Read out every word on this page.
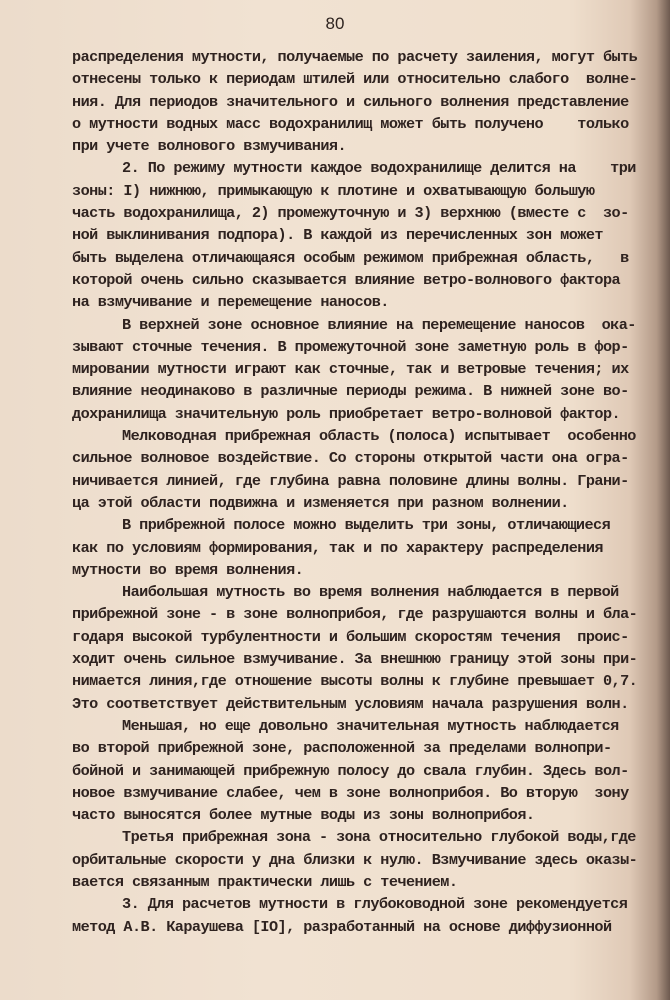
80
распределения мутности, получаемые по расчету заиления, могут быть
отнесены только к периодам штилей или относительно слабого  волне-
ния. Для периодов значительного и сильного волнения представление
о мутности водных масс водохранилищ может быть получено    только
при учете волнового взмучивания.
2. По режиму мутности каждое водохранилище делится на    три
зоны: I) нижнюю, примыкающую к плотине и охватывающую большую
часть водохранилища, 2) промежуточную и 3) верхнюю (вместе с  зо-
ной выклинивания подпора). В каждой из перечисленных зон может
быть выделена отличающаяся особым режимом прибрежная область,   в
которой очень сильно сказывается влияние ветро-волнового фактора
на взмучивание и перемещение наносов.
В верхней зоне основное влияние на перемещение наносов  ока-
зывают сточные течения. В промежуточной зоне заметную роль в фор-
мировании мутности играют как сточные, так и ветровые течения; их
влияние неодинаково в различные периоды режима. В нижней зоне во-
дохранилища значительную роль приобретает ветро-волновой фактор.
Мелководная прибрежная область (полоса) испытывает  особенно
сильное волновое воздействие. Со стороны открытой части она огра-
ничивается линией, где глубина равна половине длины волны. Грани-
ца этой области подвижна и изменяется при разном волнении.
В прибрежной полосе можно выделить три зоны, отличающиеся
как по условиям формирования, так и по характеру распределения
мутности во время волнения.
Наибольшая мутность во время волнения наблюдается в первой
прибрежной зоне - в зоне волноприбоя, где разрушаются волны и бла-
годаря высокой турбулентности и большим скоростям течения  проис-
ходит очень сильное взмучивание. За внешнюю границу этой зоны при-
нимается линия,где отношение высоты волны к глубине превышает 0,7.
Это соответствует действительным условиям начала разрушения волн.
Меньшая, но еще довольно значительная мутность наблюдается
во второй прибрежной зоне, расположенной за пределами волнопри-
бойной и занимающей прибрежную полосу до свала глубин. Здесь вол-
новое взмучивание слабее, чем в зоне волноприбоя. Во вторую  зону
часто выносятся более мутные воды из зоны волноприбоя.
Третья прибрежная зона - зона относительно глубокой воды,где
орбитальные скорости у дна близки к нулю. Взмучивание здесь оказы-
вается связанным практически лишь с течением.
3. Для расчетов мутности в глубоководной зоне рекомендуется
метод А.В. Караушева [IO], разработанный на основе диффузионной
